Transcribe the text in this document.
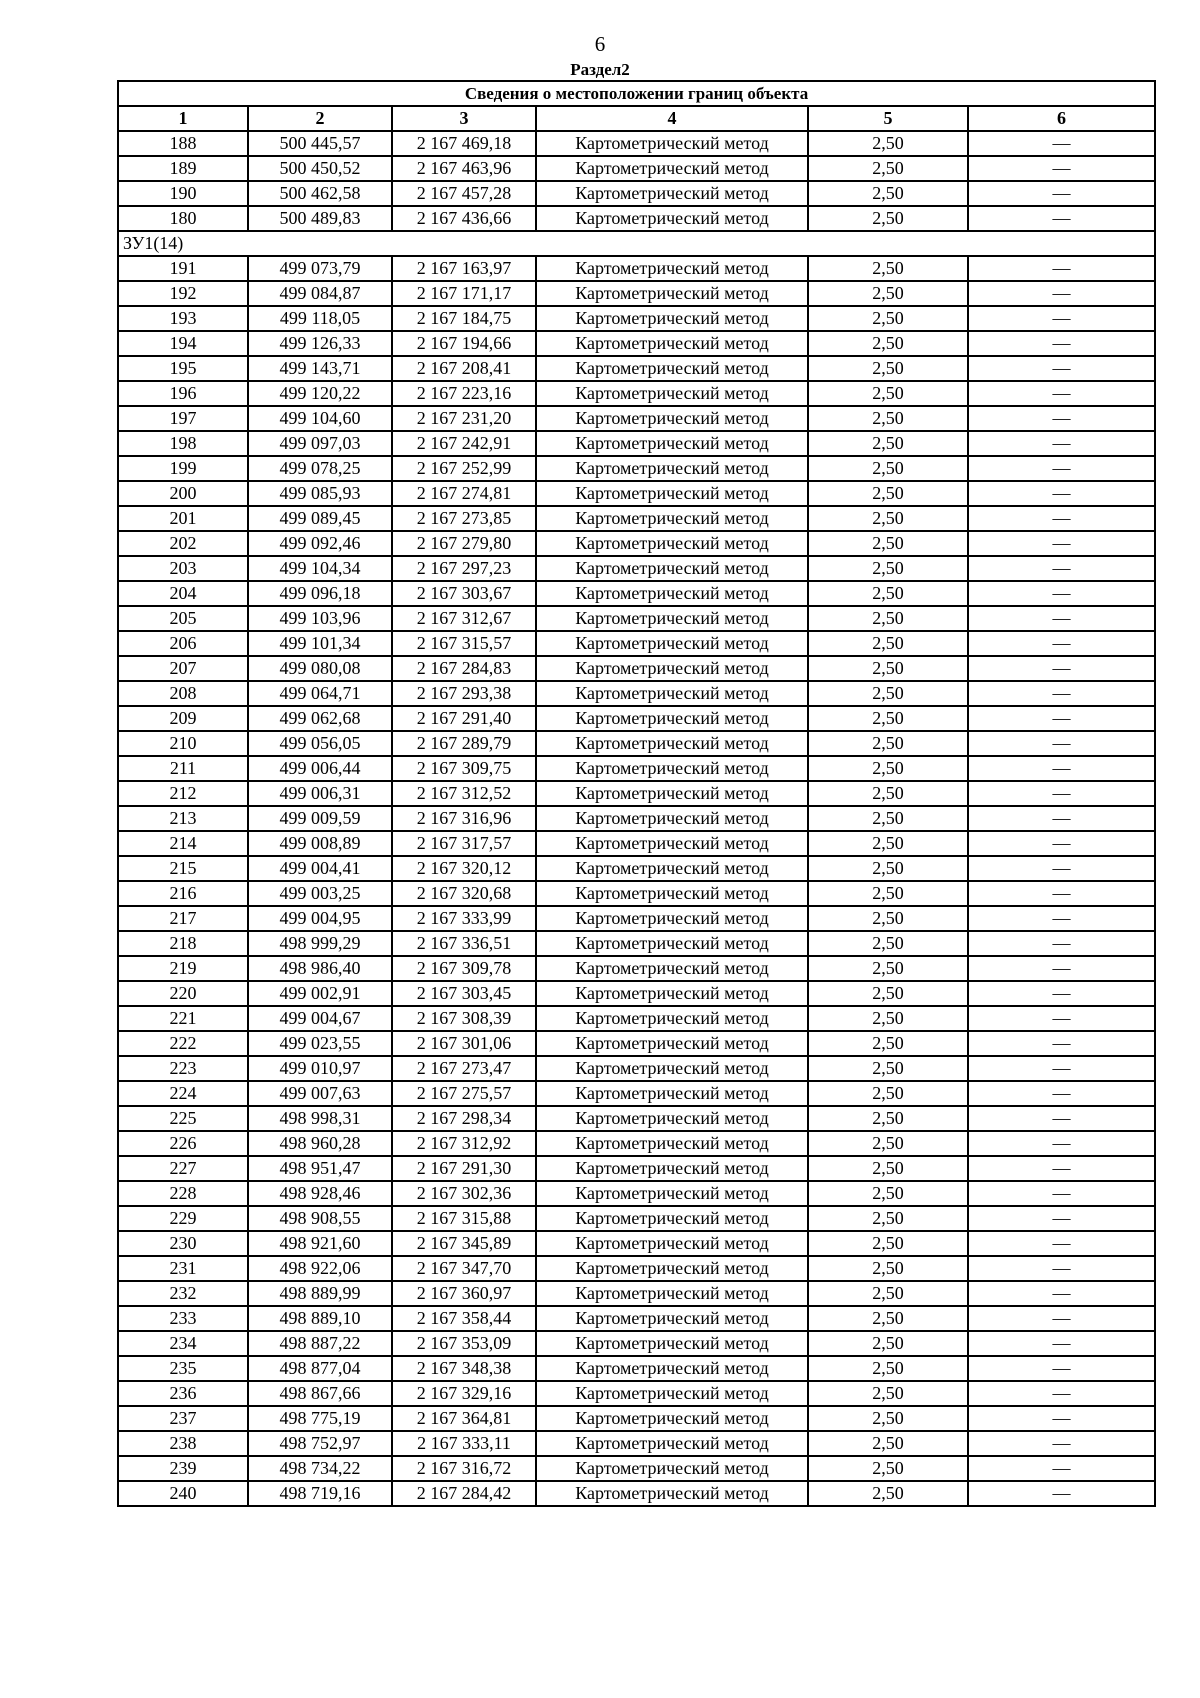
6
Раздел2
Сведения о местоположении границ объекта					
1	2	3	4	5	6
188	500 445,57	2 167 469,18	Картометрический метод	2,50	—
189	500 450,52	2 167 463,96	Картометрический метод	2,50	—
190	500 462,58	2 167 457,28	Картометрический метод	2,50	—
180	500 489,83	2 167 436,66	Картометрический метод	2,50	—
ЗУ1(14)					
191	499 073,79	2 167 163,97	Картометрический метод	2,50	—
192	499 084,87	2 167 171,17	Картометрический метод	2,50	—
193	499 118,05	2 167 184,75	Картометрический метод	2,50	—
194	499 126,33	2 167 194,66	Картометрический метод	2,50	—
195	499 143,71	2 167 208,41	Картометрический метод	2,50	—
196	499 120,22	2 167 223,16	Картометрический метод	2,50	—
197	499 104,60	2 167 231,20	Картометрический метод	2,50	—
198	499 097,03	2 167 242,91	Картометрический метод	2,50	—
199	499 078,25	2 167 252,99	Картометрический метод	2,50	—
200	499 085,93	2 167 274,81	Картометрический метод	2,50	—
201	499 089,45	2 167 273,85	Картометрический метод	2,50	—
202	499 092,46	2 167 279,80	Картометрический метод	2,50	—
203	499 104,34	2 167 297,23	Картометрический метод	2,50	—
204	499 096,18	2 167 303,67	Картометрический метод	2,50	—
205	499 103,96	2 167 312,67	Картометрический метод	2,50	—
206	499 101,34	2 167 315,57	Картометрический метод	2,50	—
207	499 080,08	2 167 284,83	Картометрический метод	2,50	—
208	499 064,71	2 167 293,38	Картометрический метод	2,50	—
209	499 062,68	2 167 291,40	Картометрический метод	2,50	—
210	499 056,05	2 167 289,79	Картометрический метод	2,50	—
211	499 006,44	2 167 309,75	Картометрический метод	2,50	—
212	499 006,31	2 167 312,52	Картометрический метод	2,50	—
213	499 009,59	2 167 316,96	Картометрический метод	2,50	—
214	499 008,89	2 167 317,57	Картометрический метод	2,50	—
215	499 004,41	2 167 320,12	Картометрический метод	2,50	—
216	499 003,25	2 167 320,68	Картометрический метод	2,50	—
217	499 004,95	2 167 333,99	Картометрический метод	2,50	—
218	498 999,29	2 167 336,51	Картометрический метод	2,50	—
219	498 986,40	2 167 309,78	Картометрический метод	2,50	—
220	499 002,91	2 167 303,45	Картометрический метод	2,50	—
221	499 004,67	2 167 308,39	Картометрический метод	2,50	—
222	499 023,55	2 167 301,06	Картометрический метод	2,50	—
223	499 010,97	2 167 273,47	Картометрический метод	2,50	—
224	499 007,63	2 167 275,57	Картометрический метод	2,50	—
225	498 998,31	2 167 298,34	Картометрический метод	2,50	—
226	498 960,28	2 167 312,92	Картометрический метод	2,50	—
227	498 951,47	2 167 291,30	Картометрический метод	2,50	—
228	498 928,46	2 167 302,36	Картометрический метод	2,50	—
229	498 908,55	2 167 315,88	Картометрический метод	2,50	—
230	498 921,60	2 167 345,89	Картометрический метод	2,50	—
231	498 922,06	2 167 347,70	Картометрический метод	2,50	—
232	498 889,99	2 167 360,97	Картометрический метод	2,50	—
233	498 889,10	2 167 358,44	Картометрический метод	2,50	—
234	498 887,22	2 167 353,09	Картометрический метод	2,50	—
235	498 877,04	2 167 348,38	Картометрический метод	2,50	—
236	498 867,66	2 167 329,16	Картометрический метод	2,50	—
237	498 775,19	2 167 364,81	Картометрический метод	2,50	—
238	498 752,97	2 167 333,11	Картометрический метод	2,50	—
239	498 734,22	2 167 316,72	Картометрический метод	2,50	—
240	498 719,16	2 167 284,42	Картометрический метод	2,50	—
